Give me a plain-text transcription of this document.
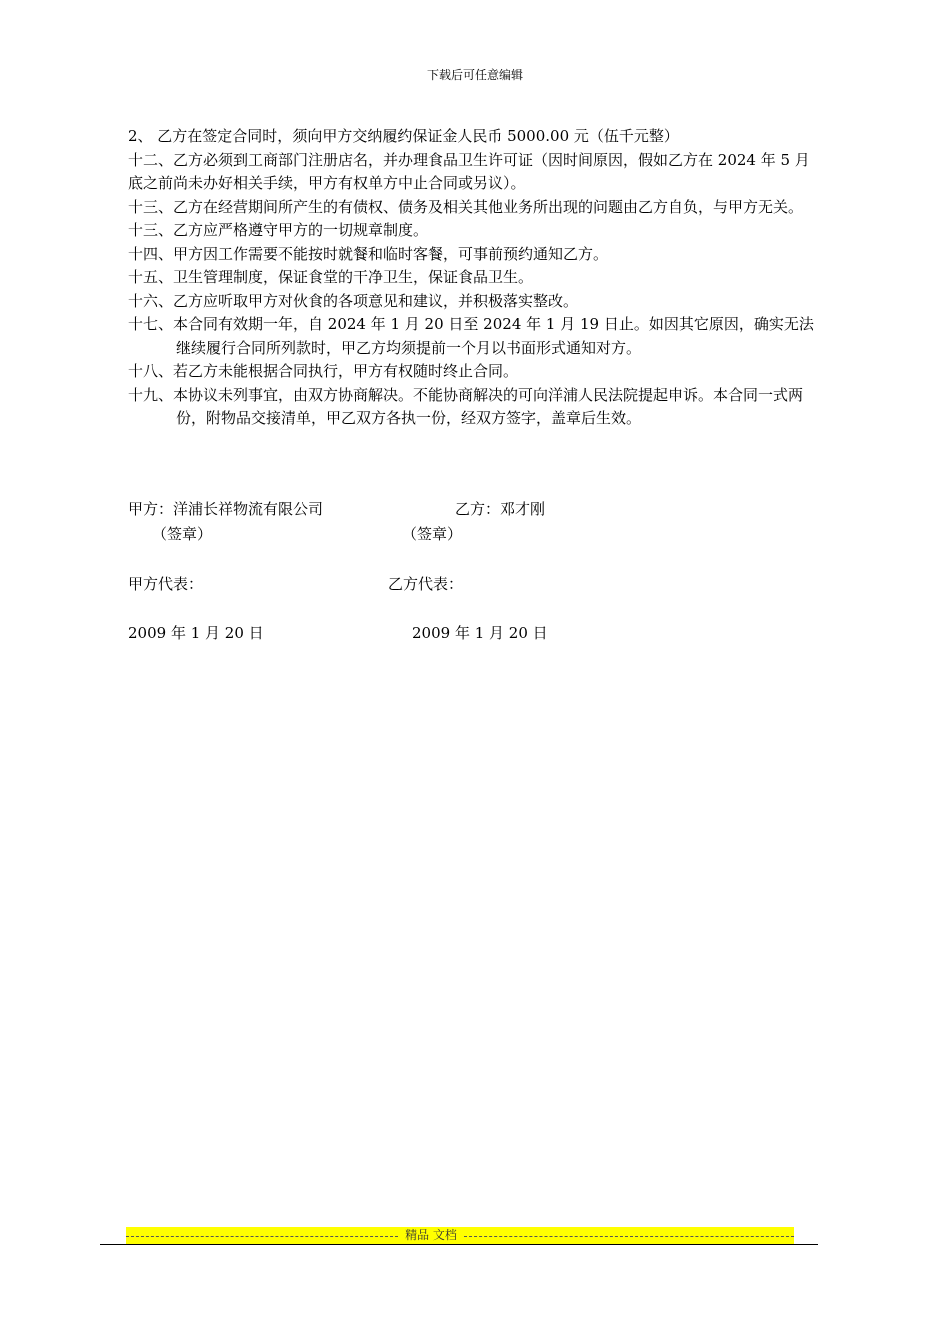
下载后可任意编辑

2、 乙方在签定合同时，须向甲方交纳履约保证金人民币 5000.00 元（伍千元整）

十二、乙方必须到工商部门注册店名，并办理食品卫生许可证（因时间原因，假如乙方在 2024 年 5 月底之前尚未办好相关手续，甲方有权单方中止合同或另议）。

十三、乙方在经营期间所产生的有债权、债务及相关其他业务所出现的问题由乙方自负，与甲方无关。

十三、乙方应严格遵守甲方的一切规章制度。

十四、甲方因工作需要不能按时就餐和临时客餐，可事前预约通知乙方。

十五、卫生管理制度，保证食堂的干净卫生，保证食品卫生。

十六、乙方应听取甲方对伙食的各项意见和建议，并积极落实整改。

十七、本合同有效期一年，自 2024 年 1 月 20 日至 2024 年 1 月 19 日止。如因其它原因，确实无法继续履行合同所列款时，甲乙方均须提前一个月以书面形式通知对方。

十八、若乙方未能根据合同执行，甲方有权随时终止合同。

十九、本协议未列事宜，由双方协商解决。不能协商解决的可向洋浦人民法院提起申诉。本合同一式两份，附物品交接清单，甲乙双方各执一份，经双方签字，盖章后生效。

甲方：洋浦长祥物流有限公司	乙方：邓才刚
（签章）	（签章）
甲方代表：	乙方代表：
2009 年 1 月 20 日	2009 年 1 月 20 日
精品 文档
